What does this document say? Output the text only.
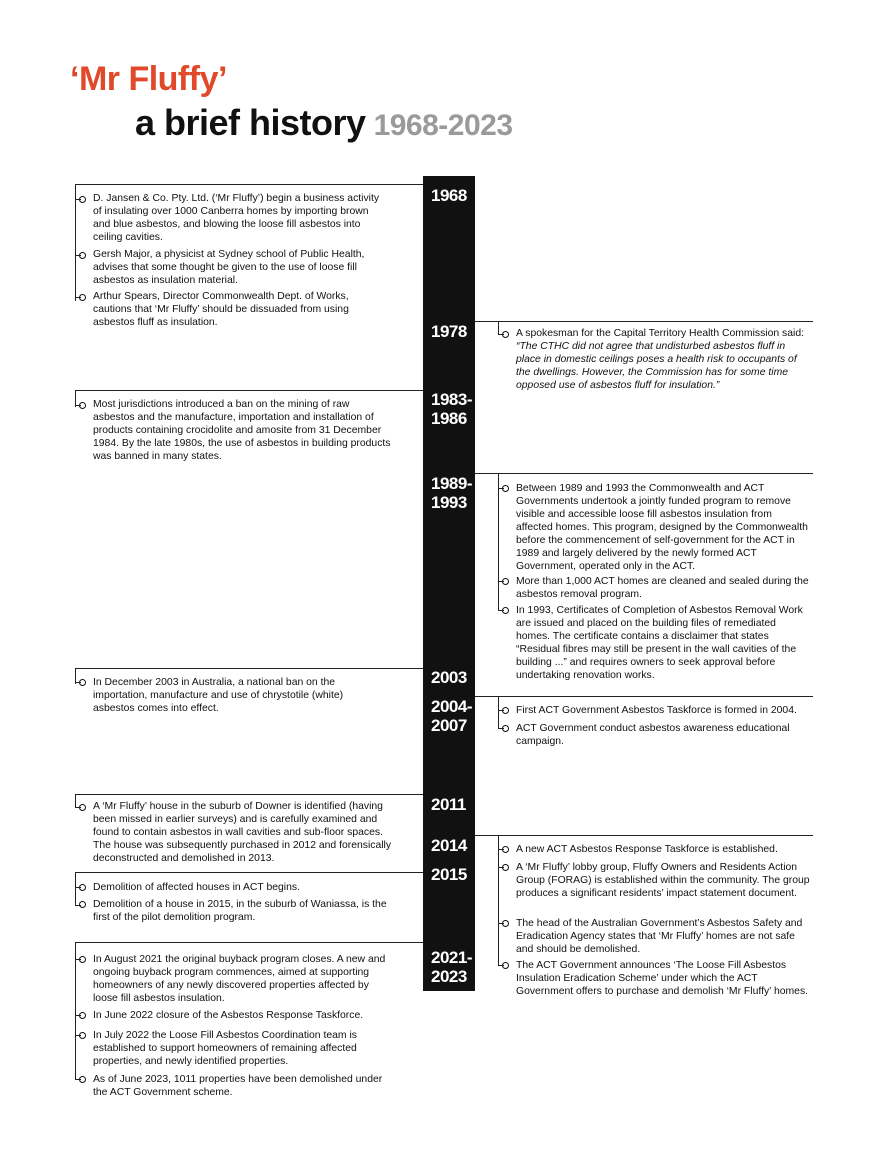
‘Mr Fluffy’
a brief history 1968-2023
1968
1978
1983-
1986
1989-
1993
2003
2004-
2007
2011
2014
2015
2021-
2023
D. Jansen & Co. Pty. Ltd. (‘Mr Fluffy’) begin a business activity of insulating over 1000 Canberra homes by importing brown and blue asbestos, and blowing the loose fill asbestos into ceiling cavities.
Gersh Major, a physicist at Sydney school of Public Health, advises that some thought be given to the use of loose fill asbestos as insulation material.
Arthur Spears, Director Commonwealth Dept. of Works, cautions that ‘Mr Fluffy’ should be dissuaded from using asbestos fluff as insulation.
Most jurisdictions introduced a ban on the mining of raw asbestos and the manufacture, importation and installation of products containing crocidolite and amosite from 31 December 1984. By the late 1980s, the use of asbestos in building products was banned in many states.
In December 2003 in Australia, a national ban on the importation, manufacture and use of chrystotile (white) asbestos comes into effect.
A ‘Mr Fluffy’ house in the suburb of Downer is identified (having been missed in earlier surveys) and is carefully examined and found to contain asbestos in wall cavities and sub-floor spaces. The house was subsequently purchased in 2012 and forensically deconstructed and demolished in 2013.
Demolition of affected houses in ACT begins.
Demolition of a house in 2015, in the suburb of Waniassa, is the first of the pilot demolition program.
In August 2021 the original buyback program closes. A new and ongoing buyback program commences, aimed at supporting homeowners of any newly discovered properties affected by loose fill asbestos insulation.
In June 2022 closure of the Asbestos Response Taskforce.
In July 2022 the Loose Fill Asbestos Coordination team is established to support homeowners of remaining affected properties, and newly identified properties.
As of June 2023, 1011 properties have been demolished under the ACT Government scheme.
A spokesman for the Capital Territory Health Commission said:
“The CTHC did not agree that undisturbed asbestos fluff in place in domestic ceilings poses a health risk to occupants of the dwellings. However, the Commission has for some time opposed use of asbestos fluff for insulation.”
Between 1989 and 1993 the Commonwealth and ACT Governments undertook a jointly funded program to remove visible and accessible loose fill asbestos insulation from affected homes. This program, designed by the Commonwealth before the commencement of self-government for the ACT in 1989 and largely delivered by the newly formed ACT Government, operated only in the ACT.
More than 1,000 ACT homes are cleaned and sealed during the asbestos removal program.
In 1993, Certificates of Completion of Asbestos Removal Work are issued and placed on the building files of remediated homes. The certificate contains a disclaimer that states “Residual fibres may still be present in the wall cavities of the building ...” and requires owners to seek approval before undertaking renovation works.
First ACT Government Asbestos Taskforce is formed in 2004.
ACT Government conduct asbestos awareness educational campaign.
A new ACT Asbestos Response Taskforce is established.
A ‘Mr Fluffy’ lobby group, Fluffy Owners and Residents Action Group (FORAG) is established within the community. The group produces a significant residents’ impact statement document.
The head of the Australian Government’s Asbestos Safety and Eradication Agency states that ‘Mr Fluffy’ homes are not safe and should be demolished.
The ACT Government announces ‘The Loose Fill Asbestos Insulation Eradication Scheme’ under which the ACT Government offers to purchase and demolish ‘Mr Fluffy’ homes.
